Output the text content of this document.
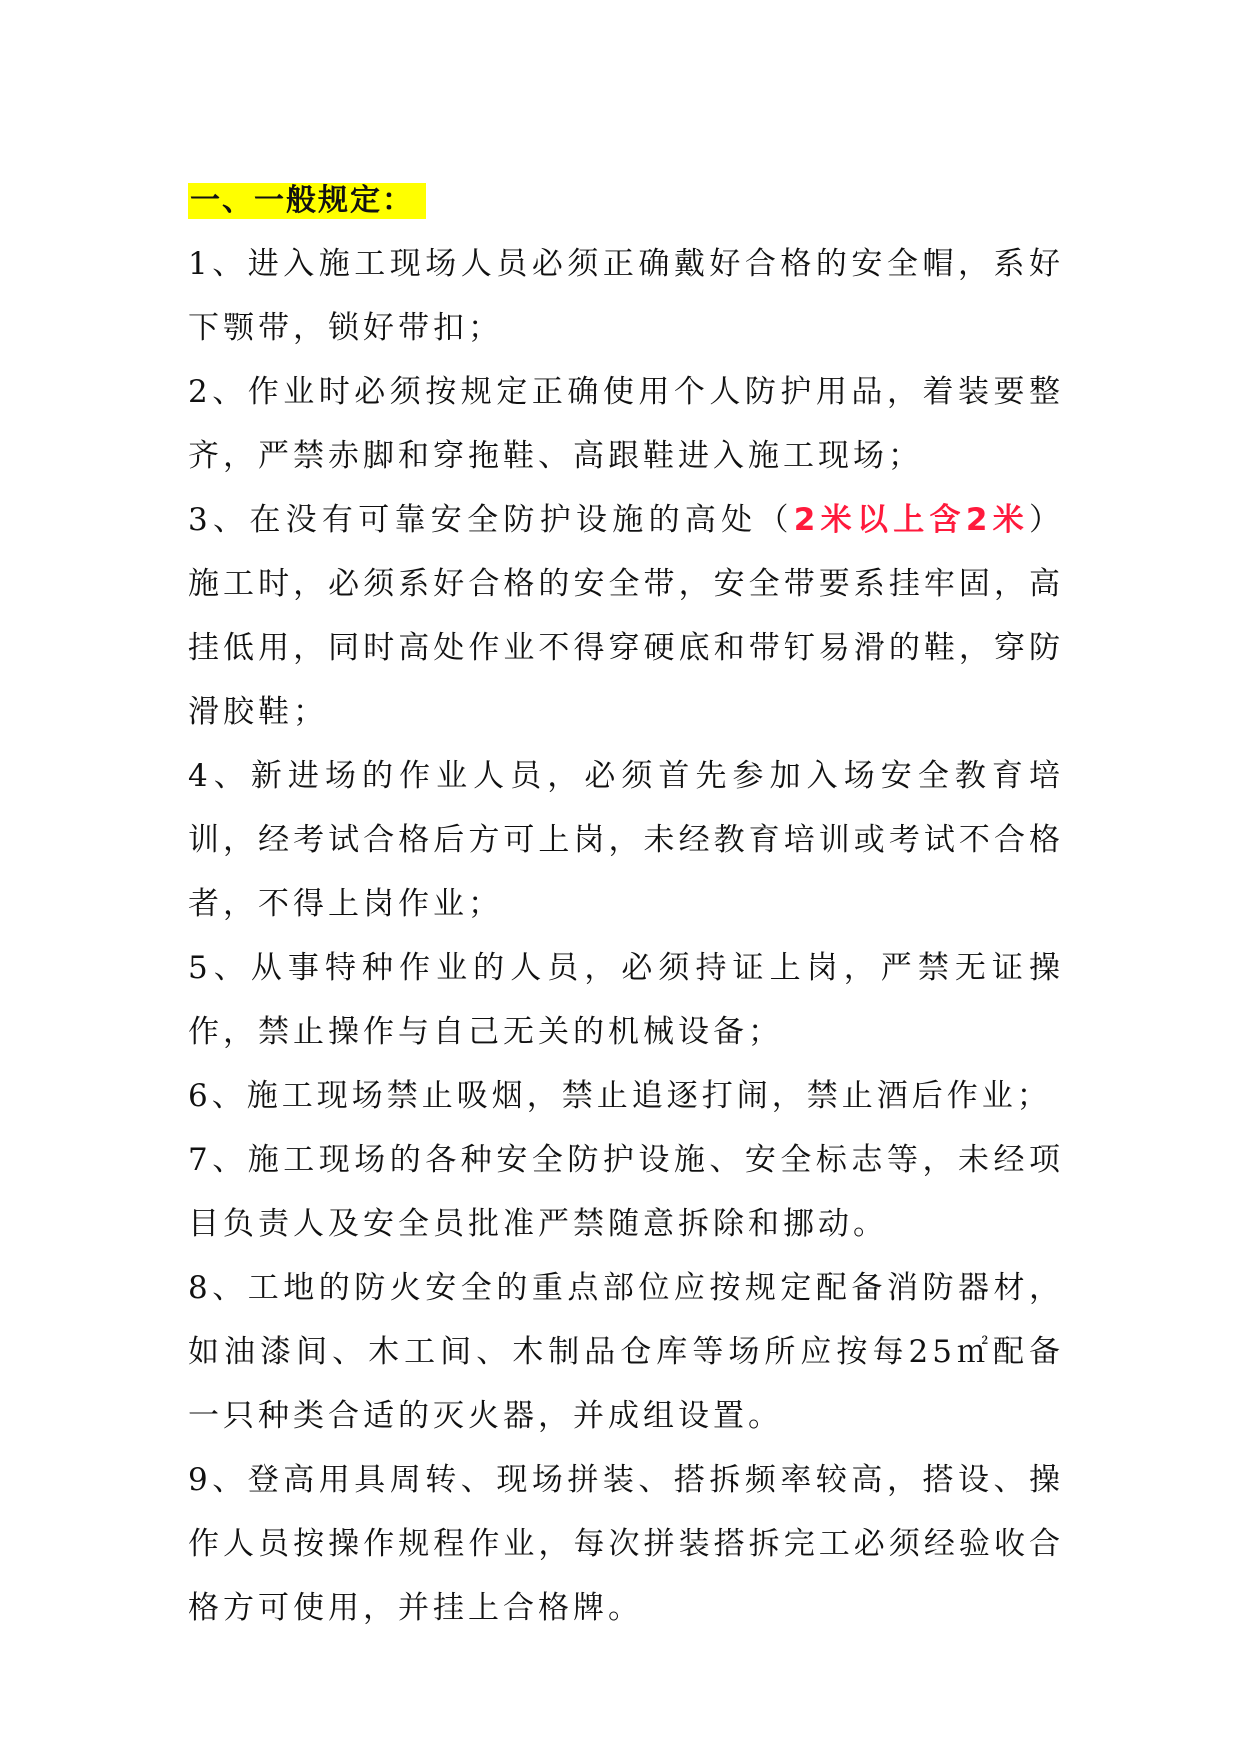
一、一般规定：

1、进入施工现场人员必须正确戴好合格的安全帽，系好下颚带，锁好带扣；

2、作业时必须按规定正确使用个人防护用品，着装要整齐，严禁赤脚和穿拖鞋、高跟鞋进入施工现场；

3、在没有可靠安全防护设施的高处（2米以上含2米）施工时，必须系好合格的安全带，安全带要系挂牢固，高挂低用，同时高处作业不得穿硬底和带钉易滑的鞋，穿防滑胶鞋；

4、新进场的作业人员，必须首先参加入场安全教育培训，经考试合格后方可上岗，未经教育培训或考试不合格者，不得上岗作业；

5、从事特种作业的人员，必须持证上岗，严禁无证操作，禁止操作与自己无关的机械设备；

6、施工现场禁止吸烟，禁止追逐打闹，禁止酒后作业；

7、施工现场的各种安全防护设施、安全标志等，未经项目负责人及安全员批准严禁随意拆除和挪动。

8、工地的防火安全的重点部位应按规定配备消防器材，如油漆间、木工间、木制品仓库等场所应按每25㎡配备一只种类合适的灭火器，并成组设置。

9、登高用具周转、现场拼装、搭拆频率较高，搭设、操作人员按操作规程作业，每次拼装搭拆完工必须经验收合格方可使用，并挂上合格牌。
